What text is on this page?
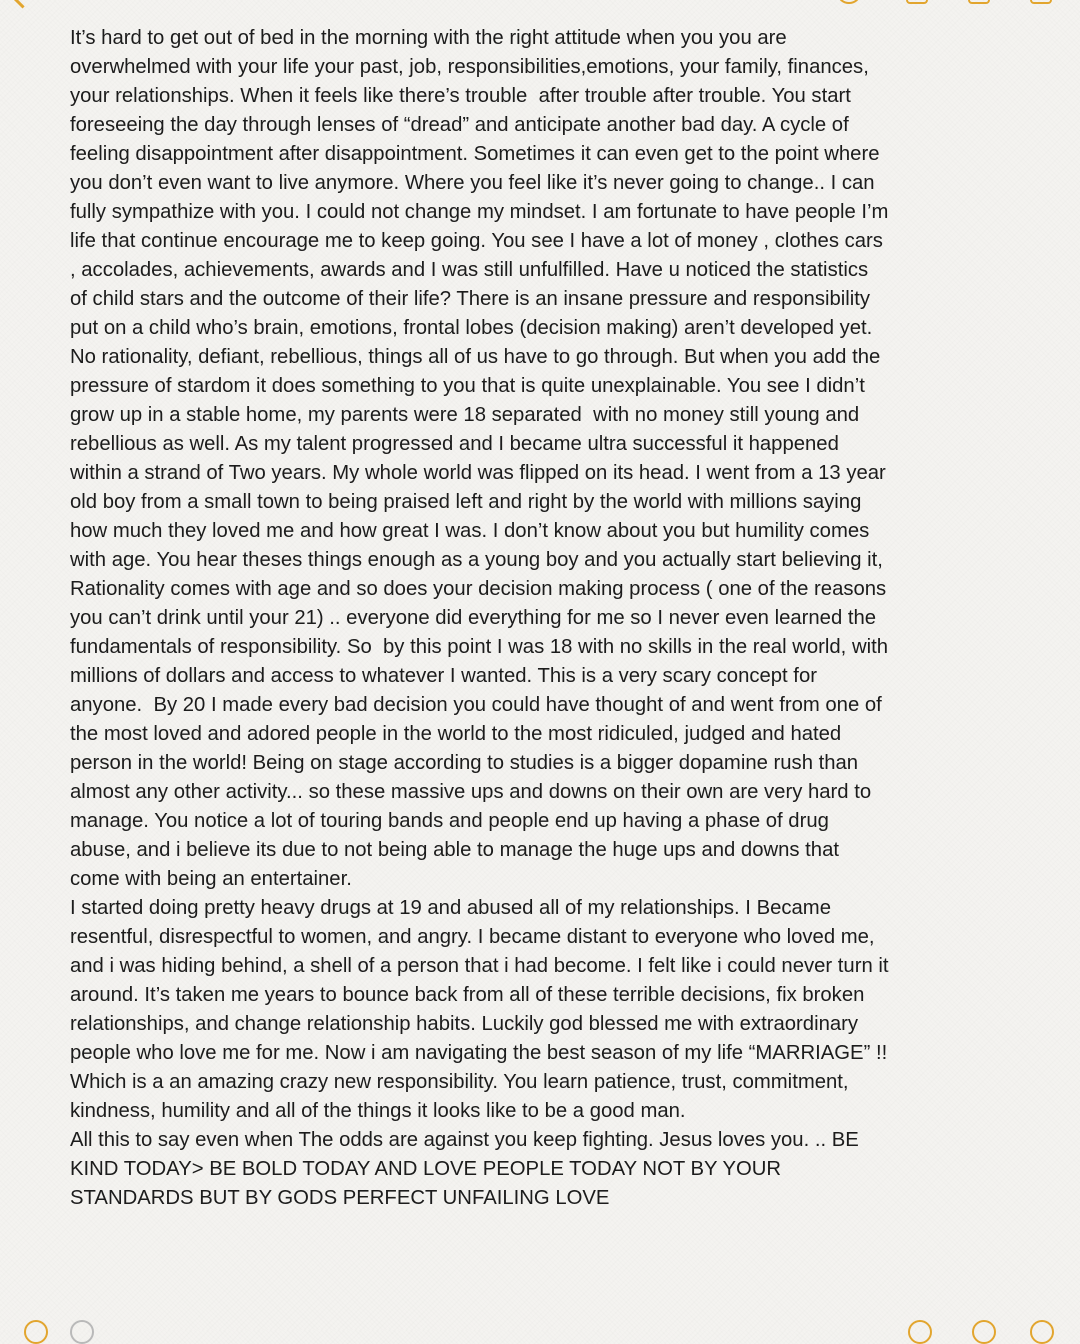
It’s hard to get out of bed in the morning with the right attitude when you you are overwhelmed with your life your past, job, responsibilities,emotions, your family, finances, your relationships. When it feels like there’s trouble  after trouble after trouble. You start foreseeing the day through lenses of “dread” and anticipate another bad day. A cycle of feeling disappointment after disappointment. Sometimes it can even get to the point where you don’t even want to live anymore. Where you feel like it’s never going to change.. I can fully sympathize with you. I could not change my mindset. I am fortunate to have people I’m life that continue encourage me to keep going. You see I have a lot of money , clothes cars , accolades, achievements, awards and I was still unfulfilled. Have u noticed the statistics of child stars and the outcome of their life? There is an insane pressure and responsibility put on a child who’s brain, emotions, frontal lobes (decision making) aren’t developed yet.  No rationality, defiant, rebellious, things all of us have to go through. But when you add the pressure of stardom it does something to you that is quite unexplainable. You see I didn’t grow up in a stable home, my parents were 18 separated  with no money still young and rebellious as well. As my talent progressed and I became ultra successful it happened within a strand of Two years. My whole world was flipped on its head. I went from a 13 year old boy from a small town to being praised left and right by the world with millions saying how much they loved me and how great I was. I don’t know about you but humility comes with age. You hear theses things enough as a young boy and you actually start believing it, Rationality comes with age and so does your decision making process ( one of the reasons you can’t drink until your 21) .. everyone did everything for me so I never even learned the fundamentals of responsibility. So  by this point I was 18 with no skills in the real world, with millions of dollars and access to whatever I wanted. This is a very scary concept for anyone.  By 20 I made every bad decision you could have thought of and went from one of the most loved and adored people in the world to the most ridiculed, judged and hated person in the world! Being on stage according to studies is a bigger dopamine rush than almost any other activity... so these massive ups and downs on their own are very hard to manage. You notice a lot of touring bands and people end up having a phase of drug abuse, and i believe its due to not being able to manage the huge ups and downs that come with being an entertainer.

I started doing pretty heavy drugs at 19 and abused all of my relationships. I Became resentful, disrespectful to women, and angry. I became distant to everyone who loved me, and i was hiding behind, a shell of a person that i had become. I felt like i could never turn it around. It’s taken me years to bounce back from all of these terrible decisions, fix broken relationships, and change relationship habits. Luckily god blessed me with extraordinary people who love me for me. Now i am navigating the best season of my life “MARRIAGE” !! Which is a an amazing crazy new responsibility. You learn patience, trust, commitment, kindness, humility and all of the things it looks like to be a good man.

All this to say even when The odds are against you keep fighting. Jesus loves you. .. BE KIND TODAY> BE BOLD TODAY AND LOVE PEOPLE TODAY NOT BY YOUR STANDARDS BUT BY GODS PERFECT UNFAILING LOVE
